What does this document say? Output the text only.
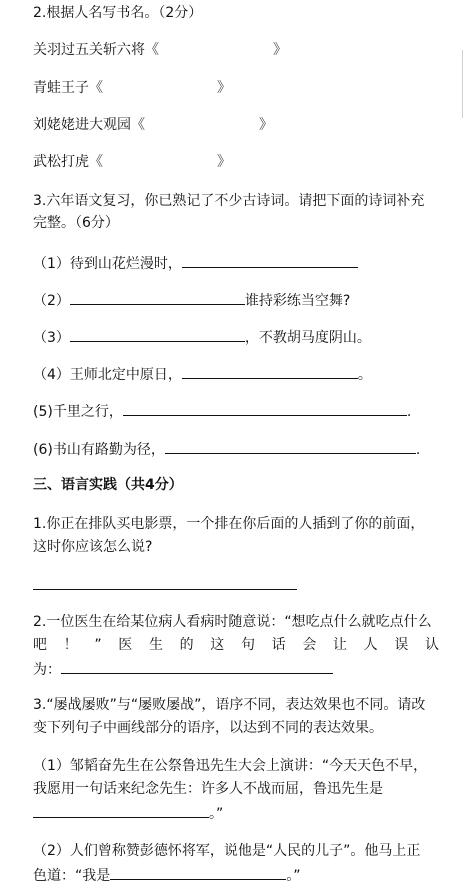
2.根据人名写书名。（2分）
关羽过五关斩六将《	》
青蛙王子《	》
刘姥姥进大观园《	》
武松打虎《	》
3.六年语文复习，你已熟记了不少古诗词。请把下面的诗词补充
完整。（6分）
（1）待到山花烂漫时，
（2）	谁持彩练当空舞?
（3）	，不教胡马度阴山。
（4）王师北定中原日，	。
(5)千里之行，	.
(6)书山有路勤为径，	.
三、语言实践（共4分）
1.你正在排队买电影票，一个排在你后面的人插到了你的前面，
这时你应该怎么说?
2.一位医生在给某位病人看病时随意说：“想吃点什么就吃点什么
吧 ！ ” 医 生 的 这 句 话 会 让 人 误 认
为：
3.“屡战屡败”与“屡败屡战”，语序不同，表达效果也不同。请改
变下列句子中画线部分的语序，以达到不同的表达效果。
（1）邹韬奋先生在公祭鲁迅先生大会上演讲：“今天天色不早，
我愿用一句话来纪念先生：许多人不战而屈，鲁迅先生是
。”
（2）人们曾称赞彭德怀将军，说他是“人民的儿子”。他马上正
色道：“我是	。”
